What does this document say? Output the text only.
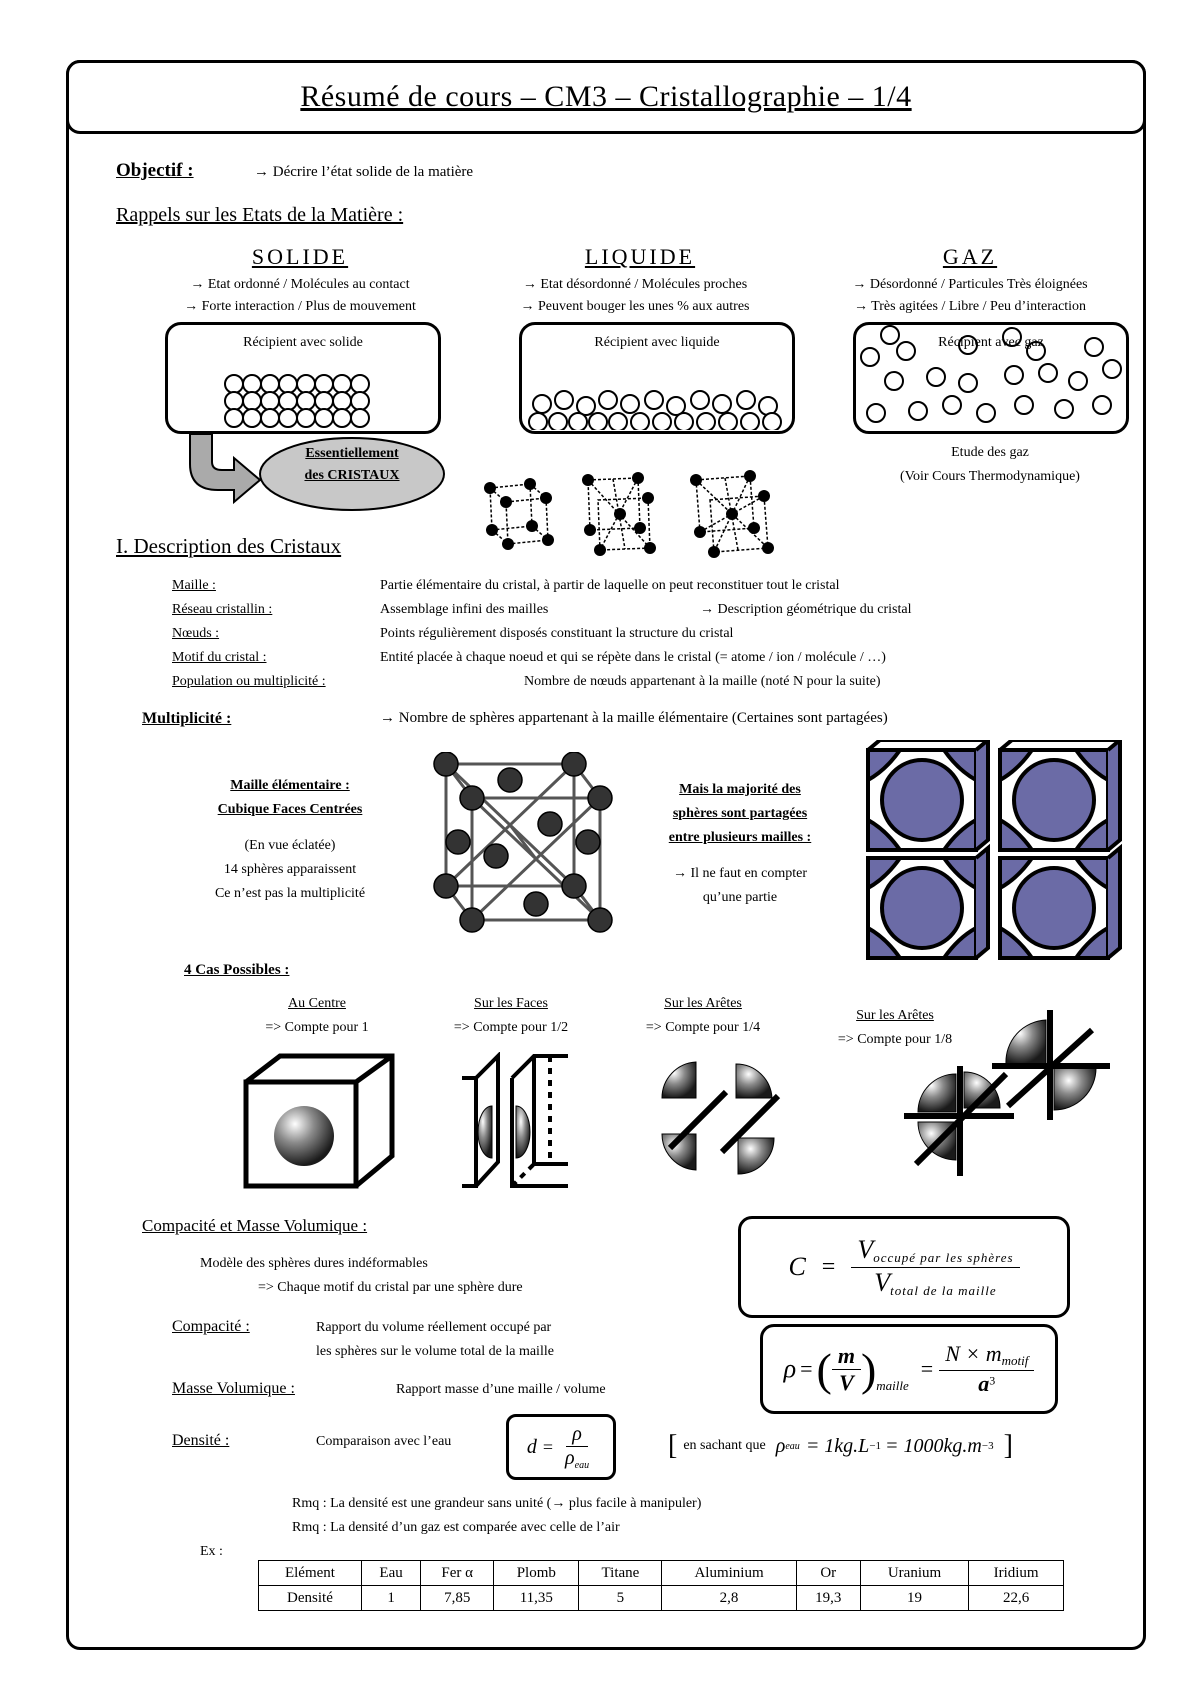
Résumé de cours – CM3 – Cristallographie – 1/4
Objectif :	→ Décrire l’état solide de la matière
Rappels sur les Etats de la Matière :
SOLIDE	LIQUIDE	GAZ
→ Etat ordonné / Molécules au contact
→ Forte interaction / Plus de mouvement
→ Etat désordonné / Molécules proches
→ Peuvent bouger les unes % aux autres
→ Désordonné / Particules Très éloignées
→ Très agitées / Libre / Peu d’interaction
Récipient avec solide	Récipient avec liquide	Récipient avec gaz
Essentiellement
des CRISTAUX
Etude des gaz
(Voir Cours Thermodynamique)
I. Description des Cristaux
Maille :	Partie élémentaire du cristal, à partir de laquelle on peut reconstituer tout le cristal
Réseau cristallin :	Assemblage infini des mailles	→ Description géométrique du cristal
Nœuds :	Points régulièrement disposés constituant la structure du cristal
Motif du cristal :	Entité placée à chaque noeud et qui se répète dans le cristal (= atome / ion / molécule / …)
Population ou multiplicité :	Nombre de nœuds appartenant à la maille (noté N pour la suite)
Multiplicité :	→ Nombre de sphères appartenant à la maille élémentaire (Certaines sont partagées)
Maille élémentaire :
Cubique Faces Centrées
(En vue éclatée)
14 sphères apparaissent
Ce n’est pas la multiplicité
Mais la majorité des
sphères sont partagées
entre plusieurs mailles :
→ Il ne faut en compter
qu’une partie
4 Cas Possibles :
Au Centre
=> Compte pour 1
Sur les Faces
=> Compte pour 1/2
Sur les Arêtes
=> Compte pour 1/4
Sur les Arêtes
=> Compte pour 1/8
Compacité et Masse Volumique :
Modèle des sphères dures indéformables
=> Chaque motif du cristal par une sphère dure
Compacité :	Rapport du volume réellement occupé par
les sphères sur le volume total de la maille
Masse Volumique :	Rapport masse d’une maille / volume
Densité :	Comparaison avec l’eau
$C = \frac{V_{occupé par les sphères}}{V_{total de la maille}}$
ρ = ( $\frac{m}{V} )_{maille}$
= $\frac{N \times m_{motif}}{a^3}$
$d = \frac{\rho}{\rho_{eau}}$	[ en sachant que ρ eau = 1kg.L −1 = 1000kg.m −3 ]
Rmq : La densité est une grandeur sans unité (→ plus facile à manipuler)
Rmq : La densité d’un gaz est comparée avec celle de l’air
Ex :
Elément	Eau	Fer α	Plomb	Titane	Aluminium	Or	Uranium	Iridium
Densité	1	7,85	11,35	5	2,8	19,3	19	22,6
